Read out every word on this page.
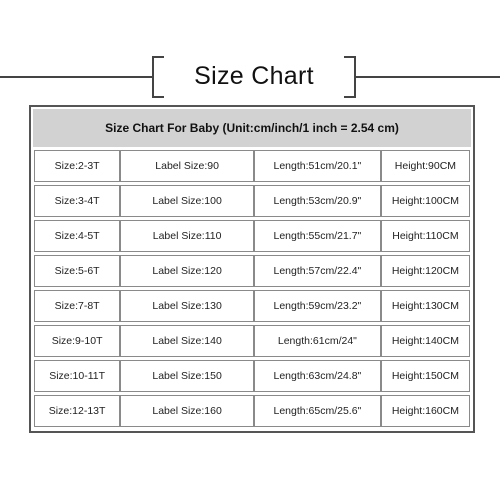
Size Chart
Size Chart For Baby (Unit:cm/inch/1 inch = 2.54 cm)
Size:2-3T	Label Size:90	Length:51cm/20.1"	Height:90CM
Size:3-4T	Label Size:100	Length:53cm/20.9"	Height:100CM
Size:4-5T	Label Size:110	Length:55cm/21.7"	Height:110CM
Size:5-6T	Label Size:120	Length:57cm/22.4"	Height:120CM
Size:7-8T	Label Size:130	Length:59cm/23.2"	Height:130CM
Size:9-10T	Label Size:140	Length:61cm/24"	Height:140CM
Size:10-11T	Label Size:150	Length:63cm/24.8"	Height:150CM
Size:12-13T	Label Size:160	Length:65cm/25.6"	Height:160CM
